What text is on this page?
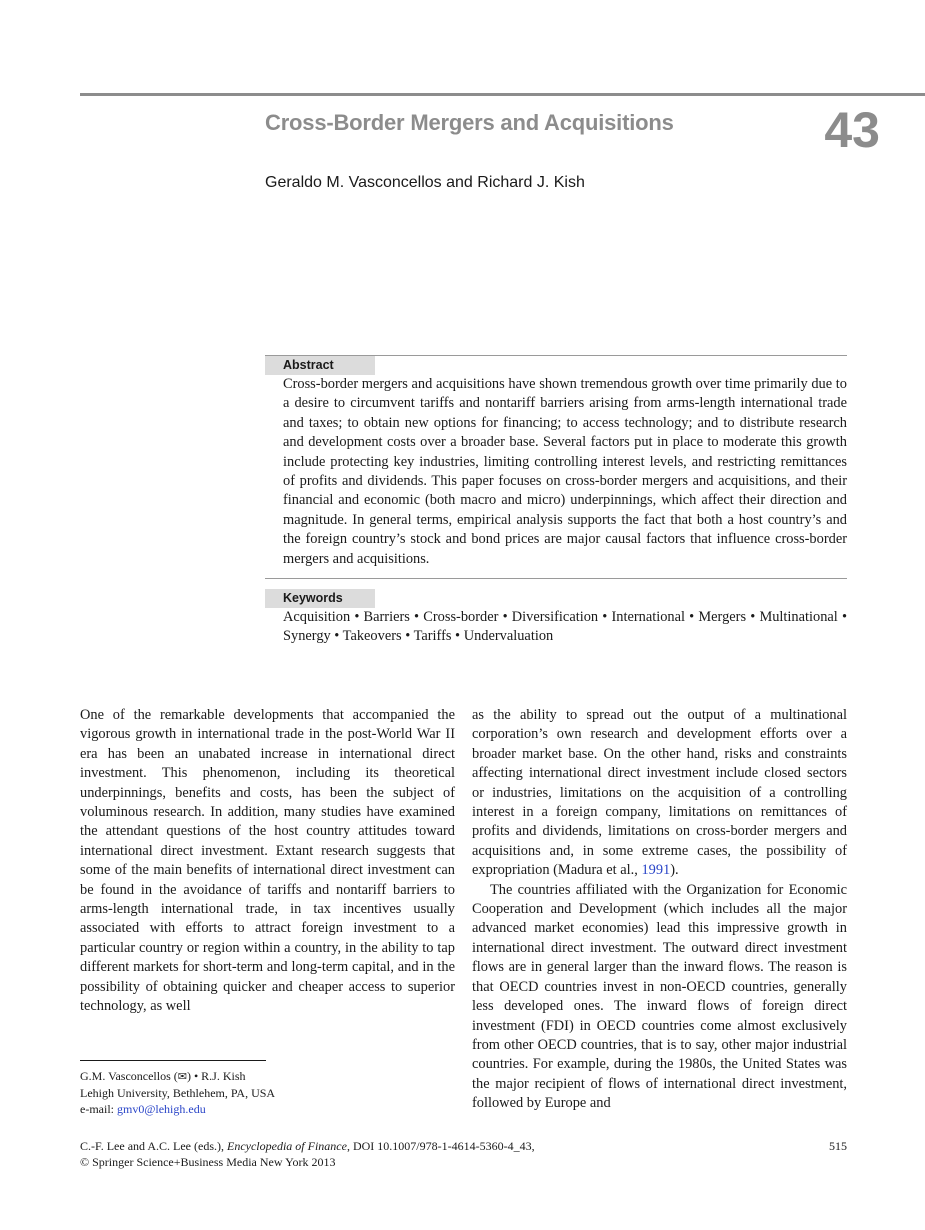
Cross-Border Mergers and Acquisitions	43
Geraldo M. Vasconcellos and Richard J. Kish
Abstract
Cross-border mergers and acquisitions have shown tremendous growth over time primarily due to a desire to circumvent tariffs and nontariff barriers arising from arms-length international trade and taxes; to obtain new options for financing; to access technology; and to distribute research and development costs over a broader base. Several factors put in place to moderate this growth include protecting key industries, limiting controlling interest levels, and restricting remittances of profits and dividends. This paper focuses on cross-border mergers and acquisitions, and their financial and economic (both macro and micro) underpinnings, which affect their direction and magnitude. In general terms, empirical analysis supports the fact that both a host country’s and the foreign country’s stock and bond prices are major causal factors that influence cross-border mergers and acquisitions.
Keywords
Acquisition • Barriers • Cross-border • Diversification • International • Mergers • Multinational • Synergy • Takeovers • Tariffs • Undervaluation

One of the remarkable developments that accompanied the vigorous growth in international trade in the post-World War II era has been an unabated increase in international direct investment. This phenomenon, including its theoretical underpinnings, benefits and costs, has been the subject of voluminous research. In addition, many studies have examined the attendant questions of the host country attitudes toward international direct investment. Extant research suggests that some of the main benefits of international direct investment can be found in the avoidance of tariffs and nontariff barriers to arms-length international trade, in tax incentives usually associated with efforts to attract foreign investment to a particular country or region within a country, in the ability to tap different markets for short-term and long-term capital, and in the possibility of obtaining quicker and cheaper access to superior technology, as well

as the ability to spread out the output of a multinational corporation’s own research and development efforts over a broader market base. On the other hand, risks and constraints affecting international direct investment include closed sectors or industries, limitations on the acquisition of a controlling interest in a foreign company, limitations on remittances of profits and dividends, limitations on cross-border mergers and acquisitions and, in some extreme cases, the possibility of expropriation (Madura et al., 1991).

The countries affiliated with the Organization for Economic Cooperation and Development (which includes all the major advanced market economies) lead this impressive growth in international direct investment. The outward direct investment flows are in general larger than the inward flows. The reason is that OECD countries invest in non-OECD countries, generally less developed ones. The inward flows of foreign direct investment (FDI) in OECD countries come almost exclusively from other OECD countries, that is to say, other major industrial countries. For example, during the 1980s, the United States was the major recipient of flows of international direct investment, followed by Europe and

G.M. Vasconcellos (✉) • R.J. Kish
Lehigh University, Bethlehem, PA, USA
e-mail: gmv0@lehigh.edu
C.-F. Lee and A.C. Lee (eds.), Encyclopedia of Finance, DOI 10.1007/978-1-4614-5360-4_43,
© Springer Science+Business Media New York 2013
515
